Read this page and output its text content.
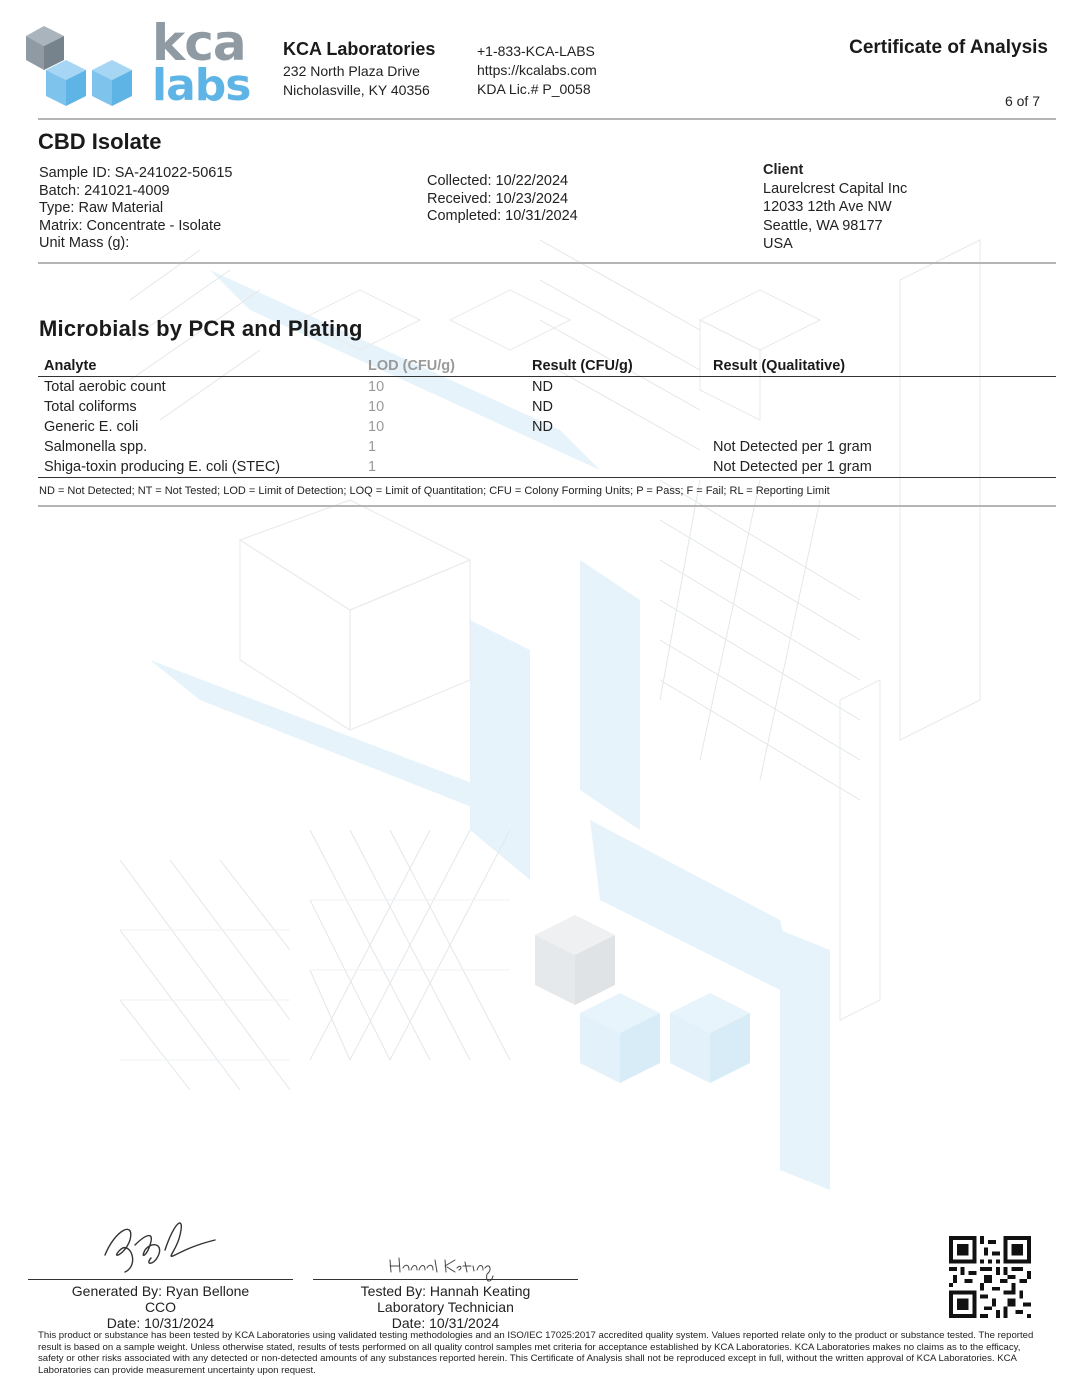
kca
labs
KCA Laboratories
232 North Plaza Drive
Nicholasville, KY 40356
+1-833-KCA-LABS
https://kcalabs.com
KDA Lic.# P_0058
Certificate of Analysis
6 of 7
CBD Isolate
Sample ID: SA-241022-50615
Batch: 241021-4009
Type: Raw Material
Matrix: Concentrate - Isolate
Unit Mass (g):
Collected: 10/22/2024
Received: 10/23/2024
Completed: 10/31/2024
Client
Laurelcrest Capital Inc
12033 12th Ave NW
Seattle, WA 98177
USA
Microbials by PCR and Plating
Analyte	LOD (CFU/g)	Result (CFU/g)	Result (Qualitative)
Total aerobic count	10	ND	
Total coliforms	10	ND	
Generic E. coli	10	ND	
Salmonella spp.	1		Not Detected per 1 gram
Shiga-toxin producing E. coli (STEC)	1		Not Detected per 1 gram
ND = Not Detected; NT = Not Tested; LOD = Limit of Detection; LOQ = Limit of Quantitation; CFU = Colony Forming Units; P = Pass; F = Fail; RL = Reporting Limit
Generated By: Ryan Bellone
CCO
Date: 10/31/2024
Tested By: Hannah Keating
Laboratory Technician
Date: 10/31/2024
This product or substance has been tested by KCA Laboratories using validated testing methodologies and an ISO/IEC 17025:2017 accredited quality system. Values reported relate only to the product or substance tested. The reported result is based on a sample weight. Unless otherwise stated, results of tests performed on all quality control samples met criteria for acceptance established by KCA Laboratories. KCA Laboratories makes no claims as to the efficacy, safety or other risks associated with any detected or non-detected amounts of any substances reported herein. This Certificate of Analysis shall not be reproduced except in full, without the written approval of KCA Laboratories. KCA Laboratories can provide measurement uncertainty upon request.
